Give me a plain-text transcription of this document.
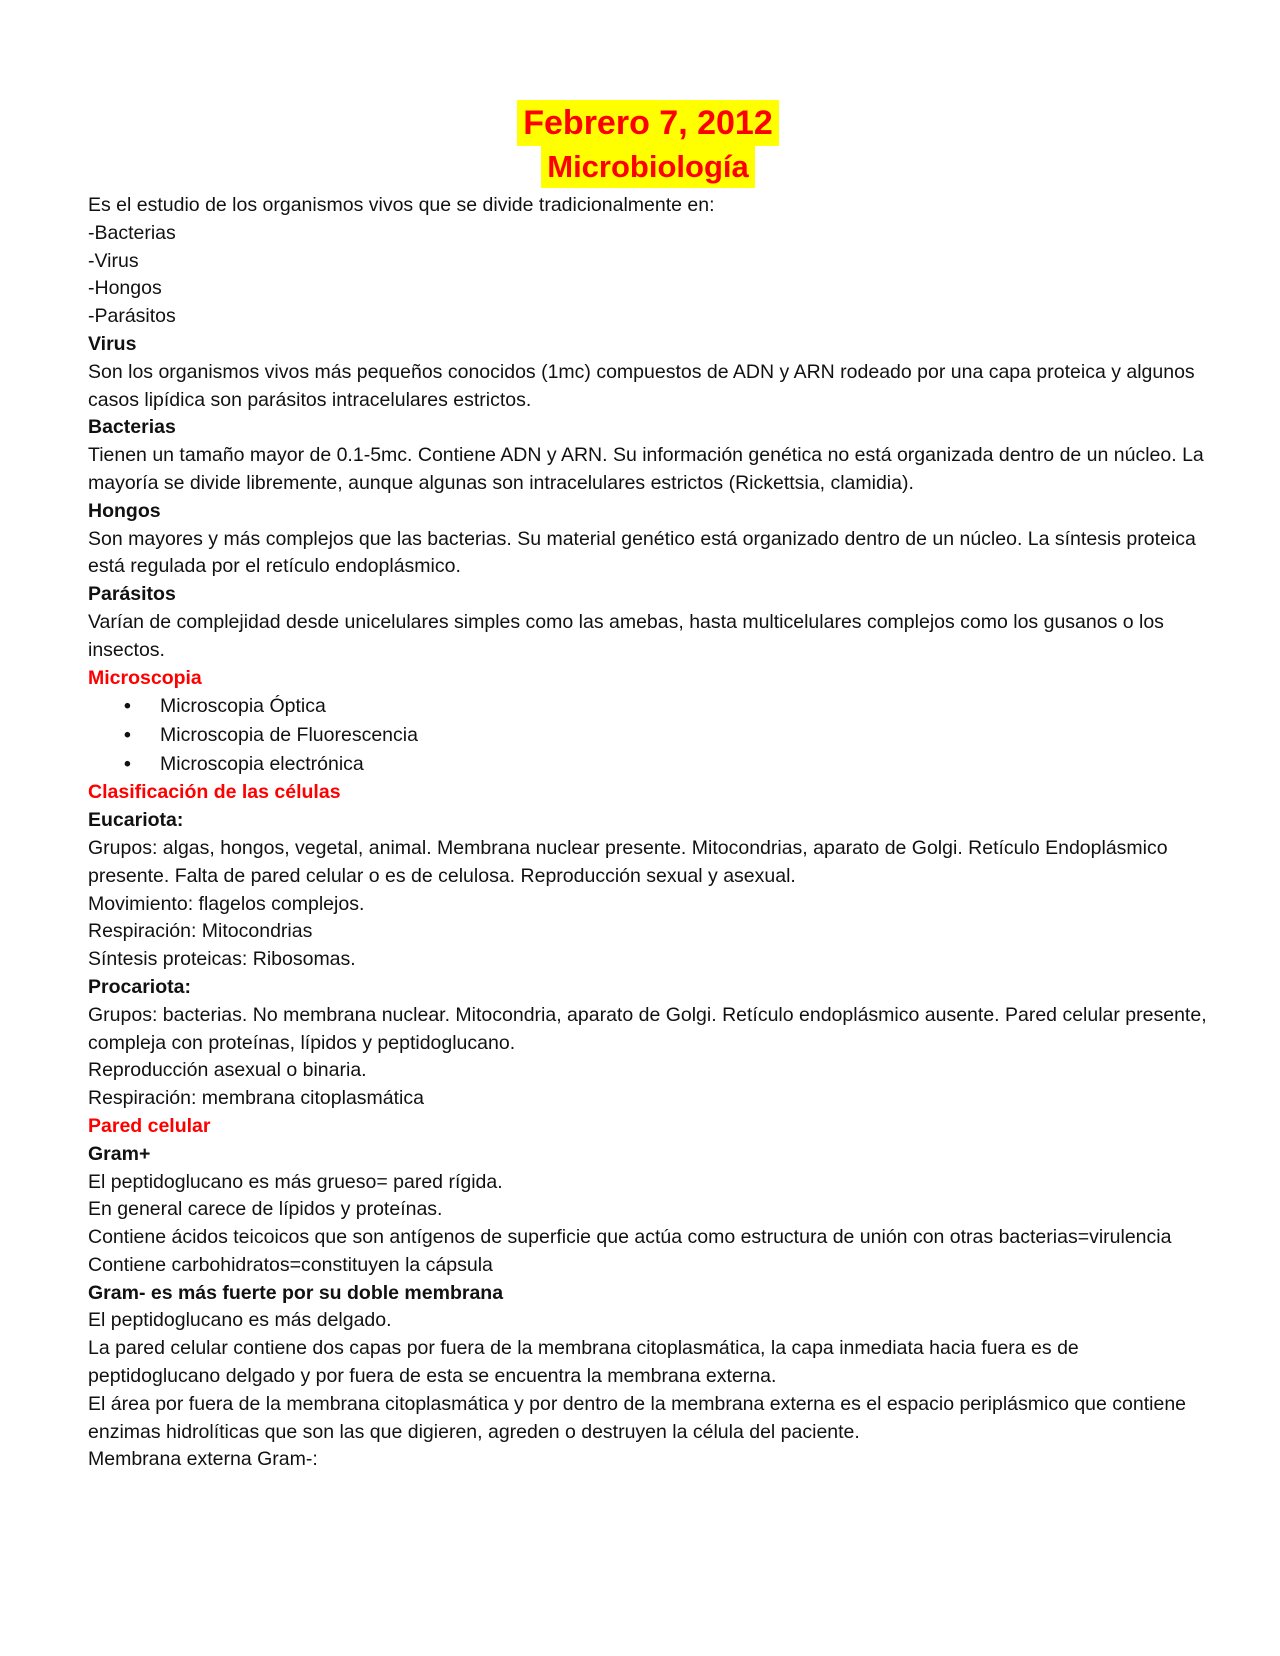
Febrero 7, 2012
Microbiología

Es el estudio de los organismos vivos que se divide tradicionalmente en:

-Bacterias

-Virus

-Hongos

-Parásitos

Virus

Son los organismos vivos más pequeños conocidos (1mc) compuestos de ADN y ARN rodeado por una capa proteica y algunos casos lipídica son parásitos intracelulares estrictos.

Bacterias

Tienen un tamaño mayor de 0.1-5mc. Contiene ADN y ARN. Su información genética no está organizada dentro de un núcleo. La mayoría se divide libremente, aunque algunas son intracelulares estrictos (Rickettsia, clamidia).

Hongos

Son mayores y más complejos que las bacterias. Su material genético está organizado dentro de un núcleo. La síntesis proteica está regulada por el retículo endoplásmico.

Parásitos

Varían de complejidad desde unicelulares simples como las amebas, hasta multicelulares complejos como los gusanos o los insectos.

Microscopia

• Microscopia Óptica
• Microscopia de Fluorescencia
• Microscopia electrónica

Clasificación de las células

Eucariota:

Grupos: algas, hongos, vegetal, animal. Membrana nuclear presente. Mitocondrias, aparato de Golgi. Retículo Endoplásmico presente. Falta de pared celular o es de celulosa. Reproducción sexual y asexual.

Movimiento: flagelos complejos.

Respiración: Mitocondrias

Síntesis proteicas: Ribosomas.

Procariota:

Grupos: bacterias. No membrana nuclear. Mitocondria, aparato de Golgi. Retículo endoplásmico ausente. Pared celular presente, compleja con proteínas, lípidos y peptidoglucano.

Reproducción asexual o binaria.

Respiración: membrana citoplasmática

Pared celular

Gram+

El peptidoglucano es más grueso= pared rígida.

En general carece de lípidos y proteínas.

Contiene ácidos teicoicos que son antígenos de superficie que actúa como estructura de unión con otras bacterias=virulencia

Contiene carbohidratos=constituyen la cápsula

Gram- es más fuerte por su doble membrana

El peptidoglucano es más delgado.

La pared celular contiene dos capas por fuera de la membrana citoplasmática, la capa inmediata hacia fuera es de peptidoglucano delgado y por fuera de esta se encuentra la membrana externa.

El área por fuera de la membrana citoplasmática y por dentro de la membrana externa es el espacio periplásmico que contiene enzimas hidrolíticas que son las que digieren, agreden o destruyen la célula del paciente.

Membrana externa Gram-:
